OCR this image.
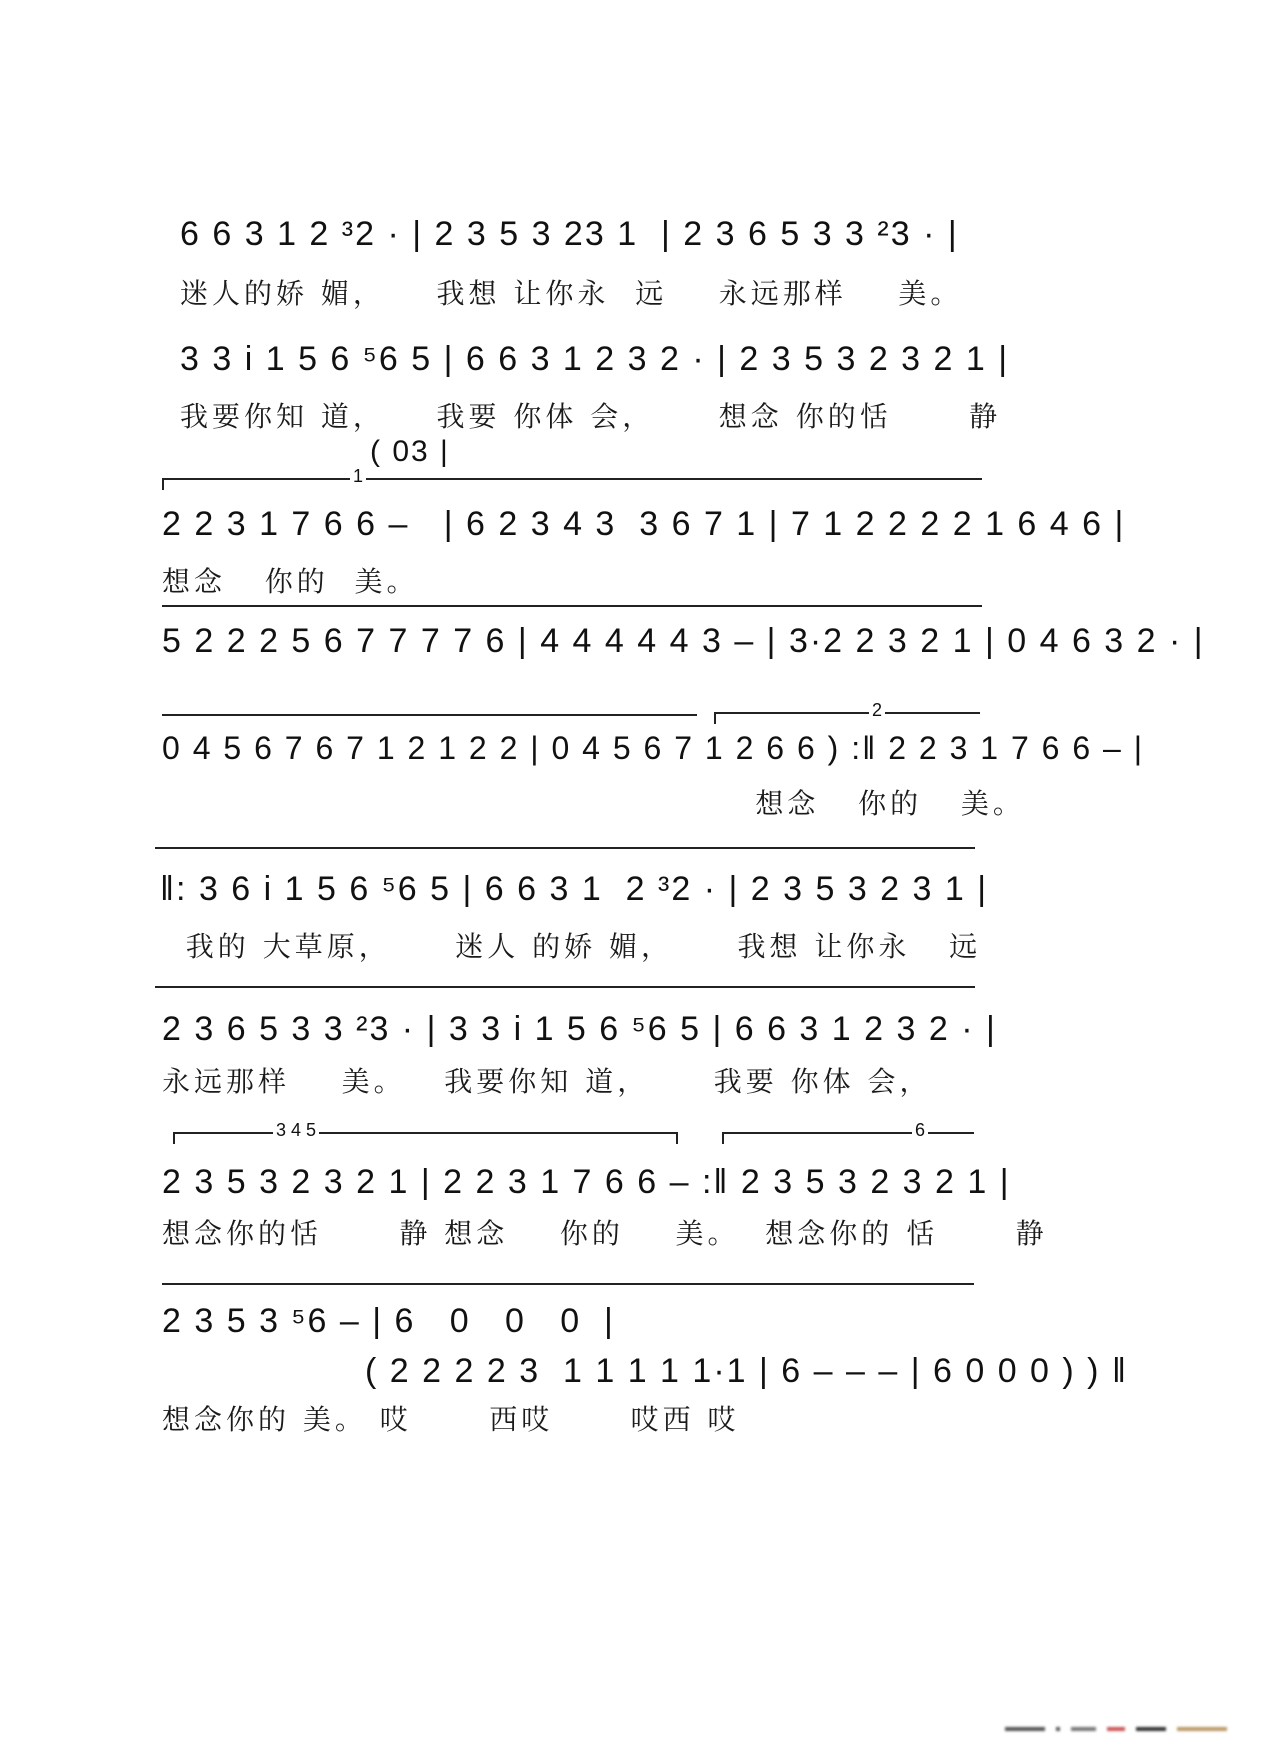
6 6 3 1 2 ³2 · | 2 3 5 3 23 1  | 2 3 6 5 3 3 ²3 · |
迷人的娇 媚，    我想 让你永  远    永远那样    美。
3 3 i 1 5 6 ⁵6 5 | 6 6 3 1 2 3 2 · | 2 3 5 3 2 3 2 1 |
我要你知 道，    我要 你体 会，     想念 你的恬      静
( 03 |
1
2 2 3 1 7 6 6 –   | 6 2 3 4 3  3 6 7 1 | 7 1 2 2 2 2 1 6 4 6 |
想念   你的  美。
5 2 2 2 5 6 7 7 7 7 6 | 4 4 4 4 4 3 – | 3·2 2 3 2 1 | 0 4 6 3 2 · |
2
0 4 5 6 7 6 7 1 2 1 2 2 | 0 4 5 6 7 1 2 6 6 ) :‖ 2 2 3 1 7 6 6 – |
想念   你的   美。
‖: 3 6 i 1 5 6 ⁵6 5 | 6 6 3 1  2 ³2 · | 2 3 5 3 2 3 1 |
我的 大草原，     迷人 的娇 媚，     我想 让你永   远
2 3 6 5 3 3 ²3 · | 3 3 i 1 5 6 ⁵6 5 | 6 6 3 1 2 3 2 · |
永远那样    美。   我要你知 道，     我要 你体 会，
3 4 5	6
2 3 5 3 2 3 2 1 | 2 2 3 1 7 6 6 – :‖ 2 3 5 3 2 3 2 1 |
想念你的恬      静 想念    你的    美。  想念你的 恬      静
2 3 5 3 ⁵6 – | 6   0   0   0  |
( 2 2 2 2 3  1 1 1 1 1·1 | 6 – – – | 6 0 0 0 ) ) ‖
想念你的 美。 哎      西哎      哎西 哎
